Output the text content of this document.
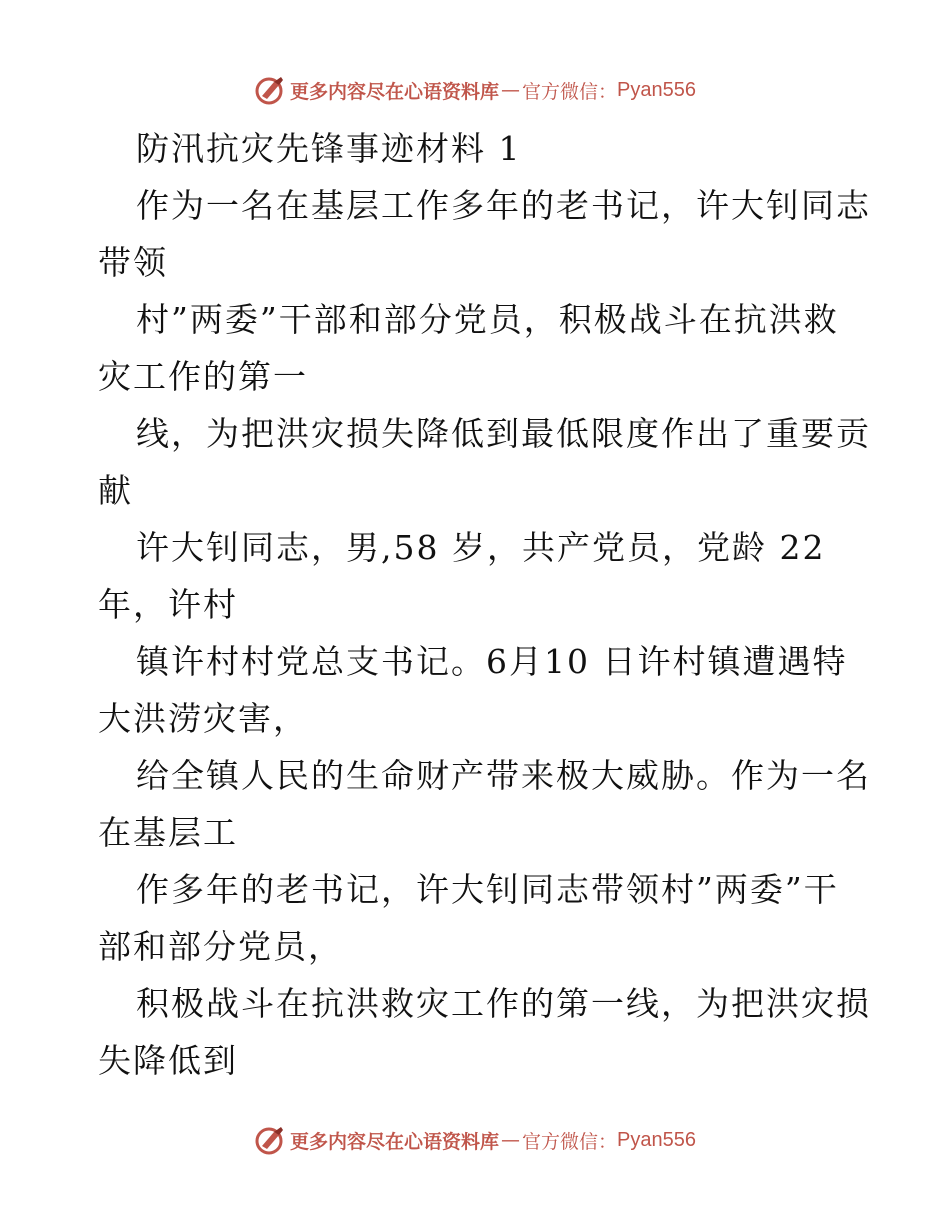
更多内容尽在心语资料库 — 官方微信： Pyan556
防汛抗灾先锋事迹材料 1
作为一名在基层工作多年的老书记，许大钊同志
带领
村”两委”干部和部分党员，积极战斗在抗洪救
灾工作的第一
线，为把洪灾损失降低到最低限度作出了重要贡
献
许大钊同志，男,58 岁，共产党员，党龄 22
年，许村
镇许村村党总支书记。6月10 日许村镇遭遇特
大洪涝灾害，
给全镇人民的生命财产带来极大威胁。作为一名
在基层工
作多年的老书记，许大钊同志带领村”两委”干
部和部分党员，
积极战斗在抗洪救灾工作的第一线，为把洪灾损
失降低到
更多内容尽在心语资料库 — 官方微信： Pyan556
